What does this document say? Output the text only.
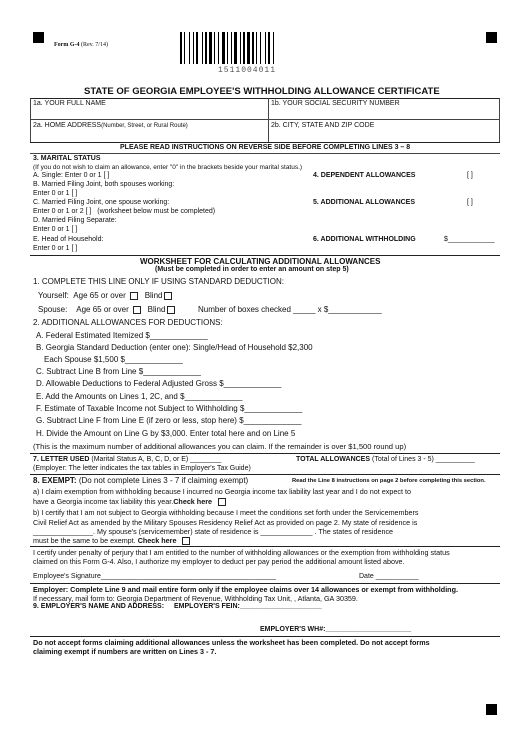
Form G-4 (Rev. 7/14)
1511004011
STATE OF GEORGIA EMPLOYEE'S WITHHOLDING ALLOWANCE CERTIFICATE
1a. YOUR FULL NAME	1b. YOUR SOCIAL SECURITY NUMBER
2a. HOME ADDRESS(Number, Street, or Rural Route)	2b. CITY, STATE AND ZIP CODE
PLEASE READ INSTRUCTIONS ON REVERSE SIDE BEFORE COMPLETING LINES 3 – 8
3. MARITAL STATUS
(If you do not wish to claim an allowance, enter "0" in the brackets beside your marital status.)
A. Single: Enter 0 or 1 [ ]
B. Married Filing Joint, both spouses working:
Enter 0 or 1 [ ]
C. Married Filing Joint, one spouse working:
Enter 0 or 1 or 2 [ ] (worksheet below must be completed)
D. Married Filing Separate:
Enter 0 or 1 [ ]
E. Head of Household:
Enter 0 or 1 [ ]
4. DEPENDENT ALLOWANCES	[ ]
5. ADDITIONAL ALLOWANCES	[ ]
6. ADDITIONAL WITHHOLDING	$____________
WORKSHEET FOR CALCULATING ADDITIONAL ALLOWANCES
(Must be completed in order to enter an amount on step 5)
1. COMPLETE THIS LINE ONLY IF USING STANDARD DEDUCTION:
Yourself: Age 65 or over Blind
Spouse: Age 65 or over Blind	Number of boxes checked _____ x $____________
2. ADDITIONAL ALLOWANCES FOR DEDUCTIONS:
A. Federal Estimated Itemized $_____________
B. Georgia Standard Deduction (enter one): Single/Head of Household $2,300
Each Spouse $1,500 $_____________
C. Subtract Line B from Line $_____________
D. Allowable Deductions to Federal Adjusted Gross $_____________
E. Add the Amounts on Lines 1, 2C, and $_____________
F. Estimate of Taxable Income not Subject to Withholding $_____________
G. Subtract Line F from Line E (if zero or less, stop here) $_____________
H. Divide the Amount on Line G by $3,000. Enter total here and on Line 5
(This is the maximum number of additional allowances you can claim. If the remainder is over $1,500 round up)
7. LETTER USED (Marital Status A, B, C, D, or E) ________	TOTAL ALLOWANCES (Total of Lines 3 - 5) __________
(Employer: The letter indicates the tax tables in Employer's Tax Guide)
8. EXEMPT: (Do not complete Lines 3 - 7 if claiming exempt)	Read the Line 8 instructions on page 2 before completing this section.
a) I claim exemption from withholding because I incurred no Georgia income tax liability last year and I do not expect to
have a Georgia income tax liability this year.Check here
b) I certify that I am not subject to Georgia withholding because I meet the conditions set forth under the Servicemembers
Civil Relief Act as amended by the Military Spouses Residency Relief Act as provided on page 2. My state of residence is
_______________. My spouse's (servicemember) state of residence is _____________ . The states of residence
must be the same to be exempt. Check here
I certify under penalty of perjury that I am entitled to the number of withholding allowances or the exemption from withholding status
claimed on this Form G-4. Also, I authorize my employer to deduct per pay period the additional amount listed above.
Employee's Signature_____________________________________________	Date ___________
Employer: Complete Line 9 and mail entire form only if the employee claims over 14 allowances or exempt from withholding.
If necessary, mail form to: Georgia Department of Revenue, Withholding Tax Unit, , Atlanta, GA 30359.
9. EMPLOYER'S NAME AND ADDRESS: EMPLOYER'S FEIN:_____________________
EMPLOYER'S WH#:______________________
Do not accept forms claiming additional allowances unless the worksheet has been completed. Do not accept forms
claiming exempt if numbers are written on Lines 3 - 7.
